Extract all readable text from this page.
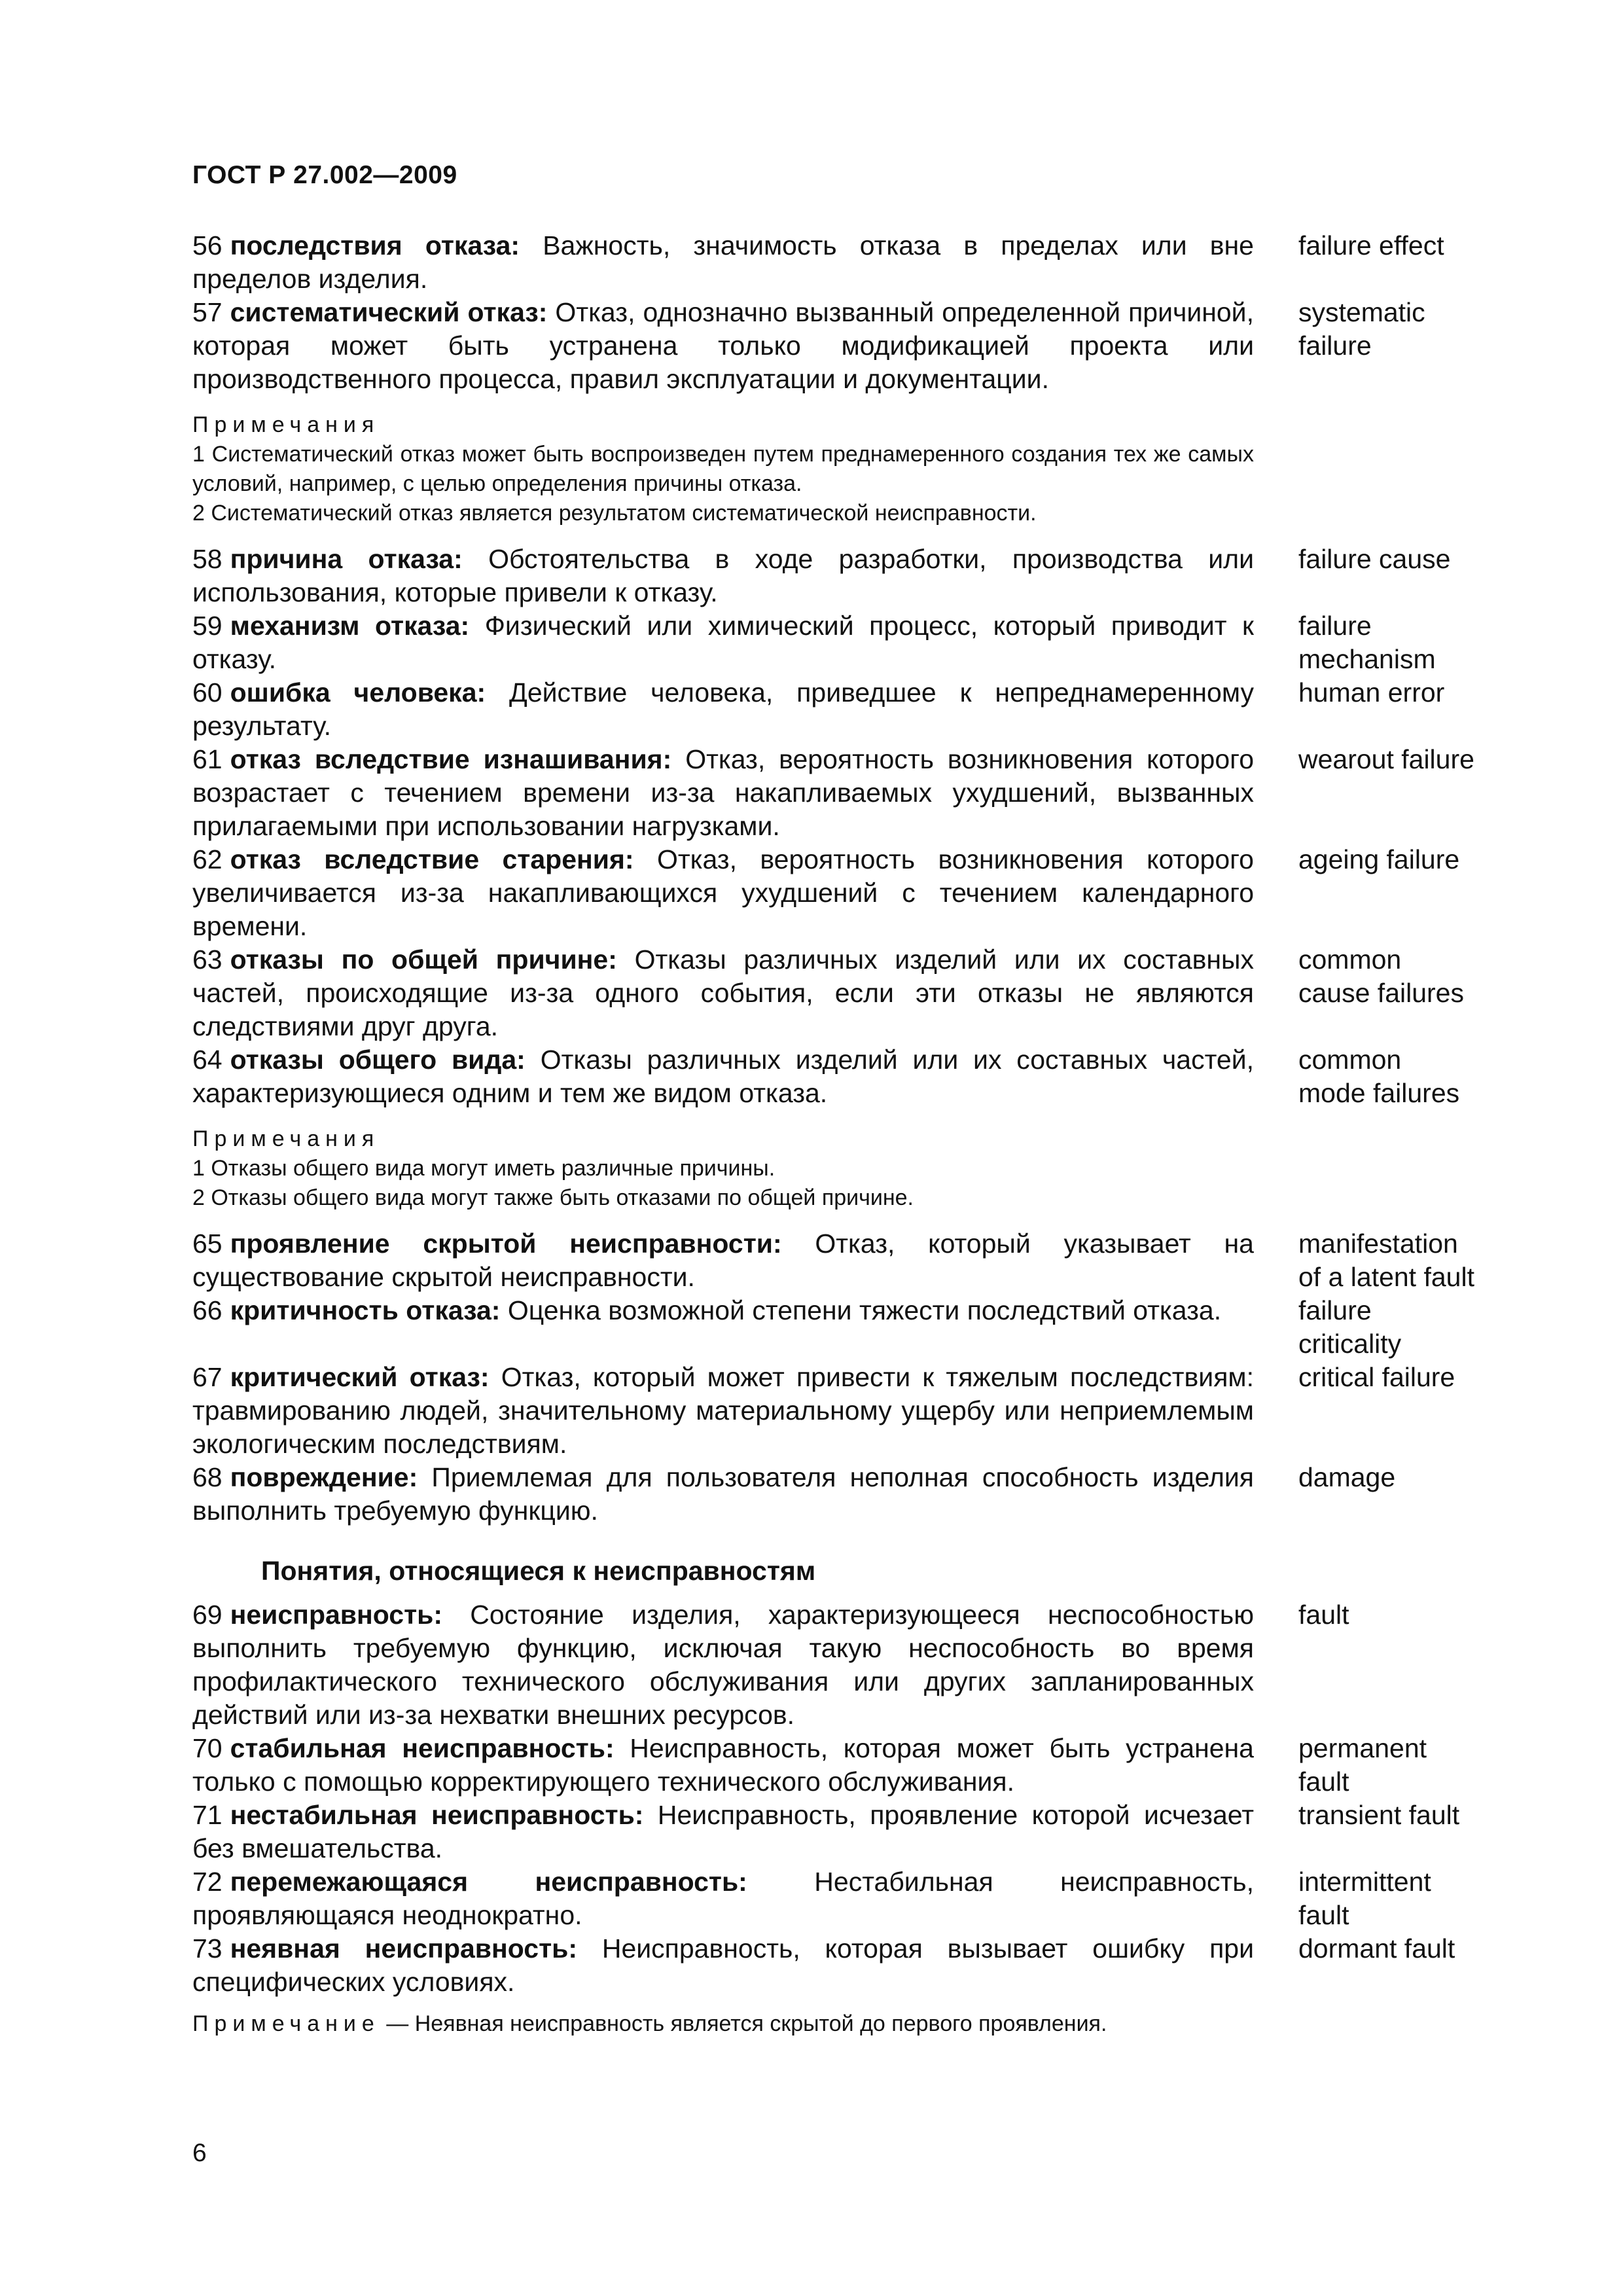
ГОСТ Р 27.002—2009
56 последствия отказа: Важность, значимость отказа в пределах или вне пределов изделия.
failure effect
57 систематический отказ: Отказ, однозначно вызванный определенной причиной, которая может быть устранена только модификацией проекта или производственного процесса, правил эксплуатации и документации.
systematic failure
Примечания
1 Систематический отказ может быть воспроизведен путем преднамеренного создания тех же самых условий, например, с целью определения причины отказа.
2 Систематический отказ является результатом систематической неисправности.
58 причина отказа: Обстоятельства в ходе разработки, производства или использования, которые привели к отказу.
failure cause
59 механизм отказа: Физический или химический процесс, который приводит к отказу.
failure mechanism
60 ошибка человека: Действие человека, приведшее к непреднамеренному результату.
human error
61 отказ вследствие изнашивания: Отказ, вероятность возникновения которого возрастает с течением времени из-за накапливаемых ухудшений, вызванных прилагаемыми при использовании нагрузками.
wearout failure
62 отказ вследствие старения: Отказ, вероятность возникновения которого увеличивается из-за накапливающихся ухудшений с течением календарного времени.
ageing failure
63 отказы по общей причине: Отказы различных изделий или их составных частей, происходящие из-за одного события, если эти отказы не являются следствиями друг друга.
common cause failures
64 отказы общего вида: Отказы различных изделий или их составных частей, характеризующиеся одним и тем же видом отказа.
common mode failures
Примечания
1 Отказы общего вида могут иметь различные причины.
2 Отказы общего вида могут также быть отказами по общей причине.
65 проявление скрытой неисправности: Отказ, который указывает на существование скрытой неисправности.
manifestation of a latent fault
66 критичность отказа: Оценка возможной степени тяжести последствий отказа.	failure criticality
67 критический отказ: Отказ, который может привести к тяжелым последствиям: травмированию людей, значительному материальному ущербу или неприемлемым экологическим последствиям.
critical failure
68 повреждение: Приемлемая для пользователя неполная способность изделия выполнить требуемую функцию.
damage
Понятия, относящиеся к неисправностям
69 неисправность: Состояние изделия, характеризующееся неспособностью выполнить требуемую функцию, исключая такую неспособность во время профилактического технического обслуживания или других запланированных действий или из-за нехватки внешних ресурсов.
fault
70 стабильная неисправность: Неисправность, которая может быть устранена только с помощью корректирующего технического обслуживания.
permanent fault
71 нестабильная неисправность: Неисправность, проявление которой исчезает без вмешательства.
transient fault
72 перемежающаяся неисправность: Нестабильная неисправность, проявляющаяся неоднократно.
intermittent fault
73 неявная неисправность: Неисправность, которая вызывает ошибку при специфических условиях.
dormant fault
Примечание — Неявная неисправность является скрытой до первого проявления.
6
